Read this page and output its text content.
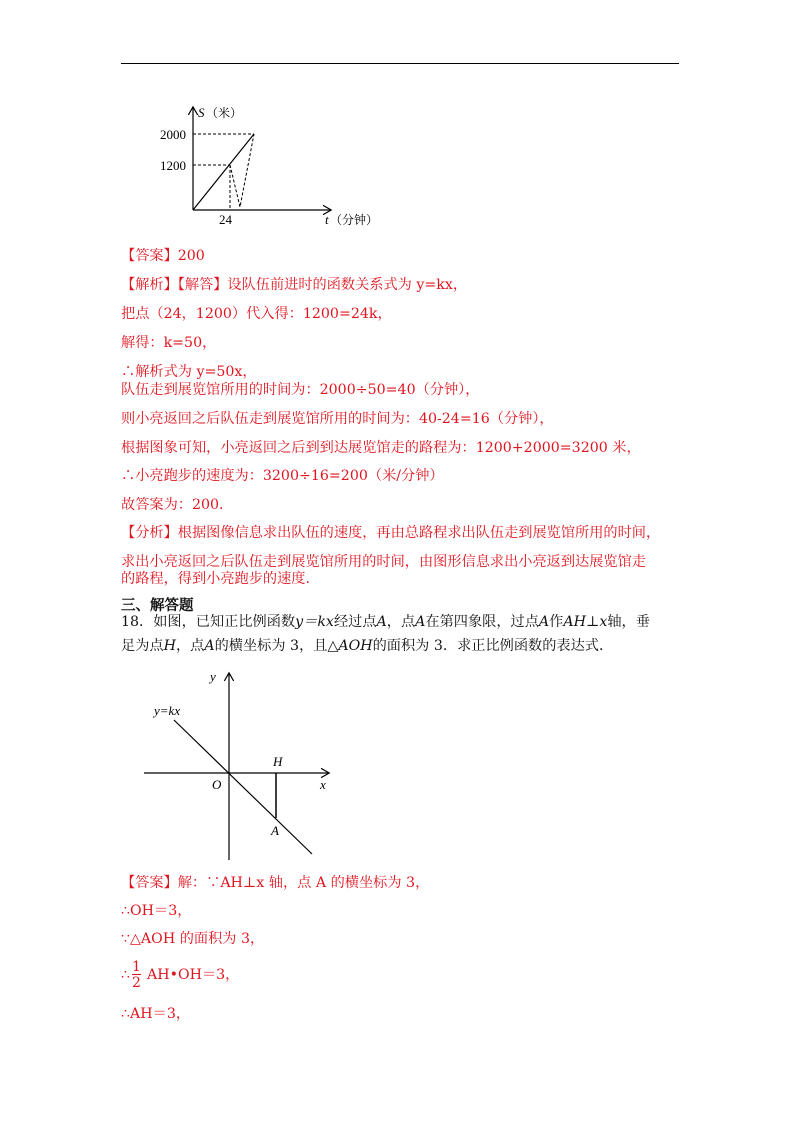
S （米）
2000
1200
24	t （分钟）
【答案】200
【解析】【解答】设队伍前进时的函数关系式为 y=kx，
把点（24，1200）代入得：1200=24k，
解得：k=50，
∴解析式为 y=50x，
队伍走到展览馆所用的时间为：2000÷50=40（分钟），
则小亮返回之后队伍走到展览馆所用的时间为：40-24=16（分钟），
根据图象可知，小亮返回之后到到达展览馆走的路程为：1200+2000=3200 米，
∴小亮跑步的速度为：3200÷16=200（米/分钟）
故答案为：200．
【分析】根据图像信息求出队伍的速度，再由总路程求出队伍走到展览馆所用的时间，
求出小亮返回之后队伍走到展览馆所用的时间，由图形信息求出小亮返到达展览馆走
的路程，得到小亮跑步的速度.
三、解答题
18．如图，已知正比例函数y＝kx经过点A，点A在第四象限，过点A作AH⊥x轴，垂
足为点H，点A的横坐标为 3，且△AOH的面积为 3．求正比例函数的表达式．
y
x
y=kx
O
H
A
【答案】解：∵AH⊥x 轴，点 A 的横坐标为 3，
∴OH＝3，
∵△AOH 的面积为 3，
∴ $\frac{1}{2}$ AH•OH＝3，
∴AH＝3，
